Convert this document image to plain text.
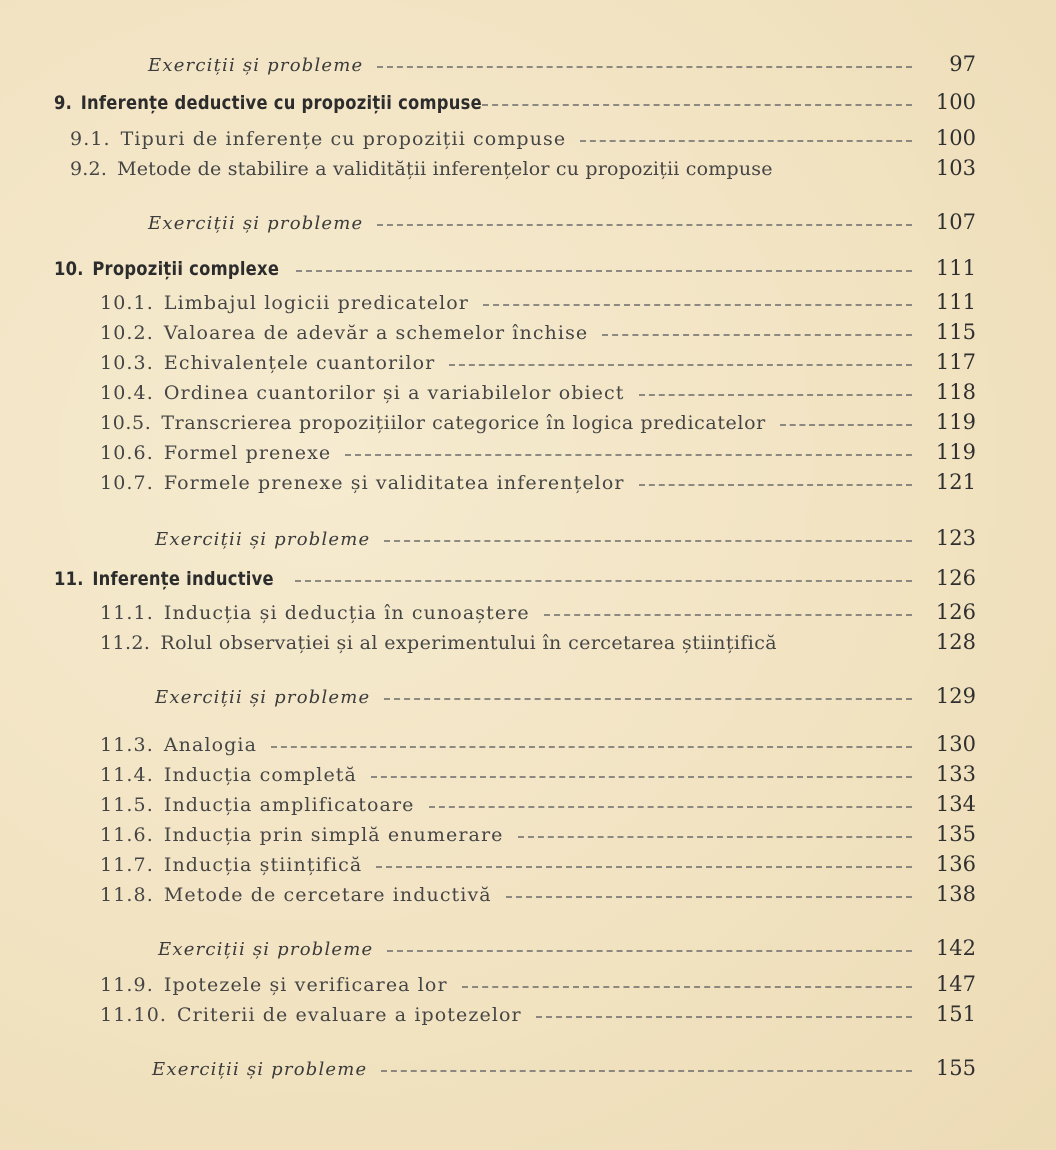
Exerciții și probleme	97
9. Inferențe deductive cu propoziții compuse	100
9.1. Tipuri de inferențe cu propoziții compuse	100
9.2. Metode de stabilire a validității inferențelor cu propoziții compuse	103
Exerciții și probleme	107
10. Propoziții complexe	111
10.1. Limbajul logicii predicatelor	111
10.2. Valoarea de adevăr a schemelor închise	115
10.3. Echivalențele cuantorilor	117
10.4. Ordinea cuantorilor și a variabilelor obiect	118
10.5. Transcrierea propozițiilor categorice în logica predicatelor	119
10.6. Formel prenexe	119
10.7. Formele prenexe și validitatea inferențelor	121
Exerciții și probleme	123
11. Inferențe inductive	126
11.1. Inducția și deducția în cunoaștere	126
11.2. Rolul observației și al experimentului în cercetarea științifică	128
Exerciții și probleme	129
11.3. Analogia	130
11.4. Inducția completă	133
11.5. Inducția amplificatoare	134
11.6. Inducția prin simplă enumerare	135
11.7. Inducția științifică	136
11.8. Metode de cercetare inductivă	138
Exerciții și probleme	142
11.9. Ipotezele și verificarea lor	147
11.10. Criterii de evaluare a ipotezelor	151
Exerciții și probleme	155
